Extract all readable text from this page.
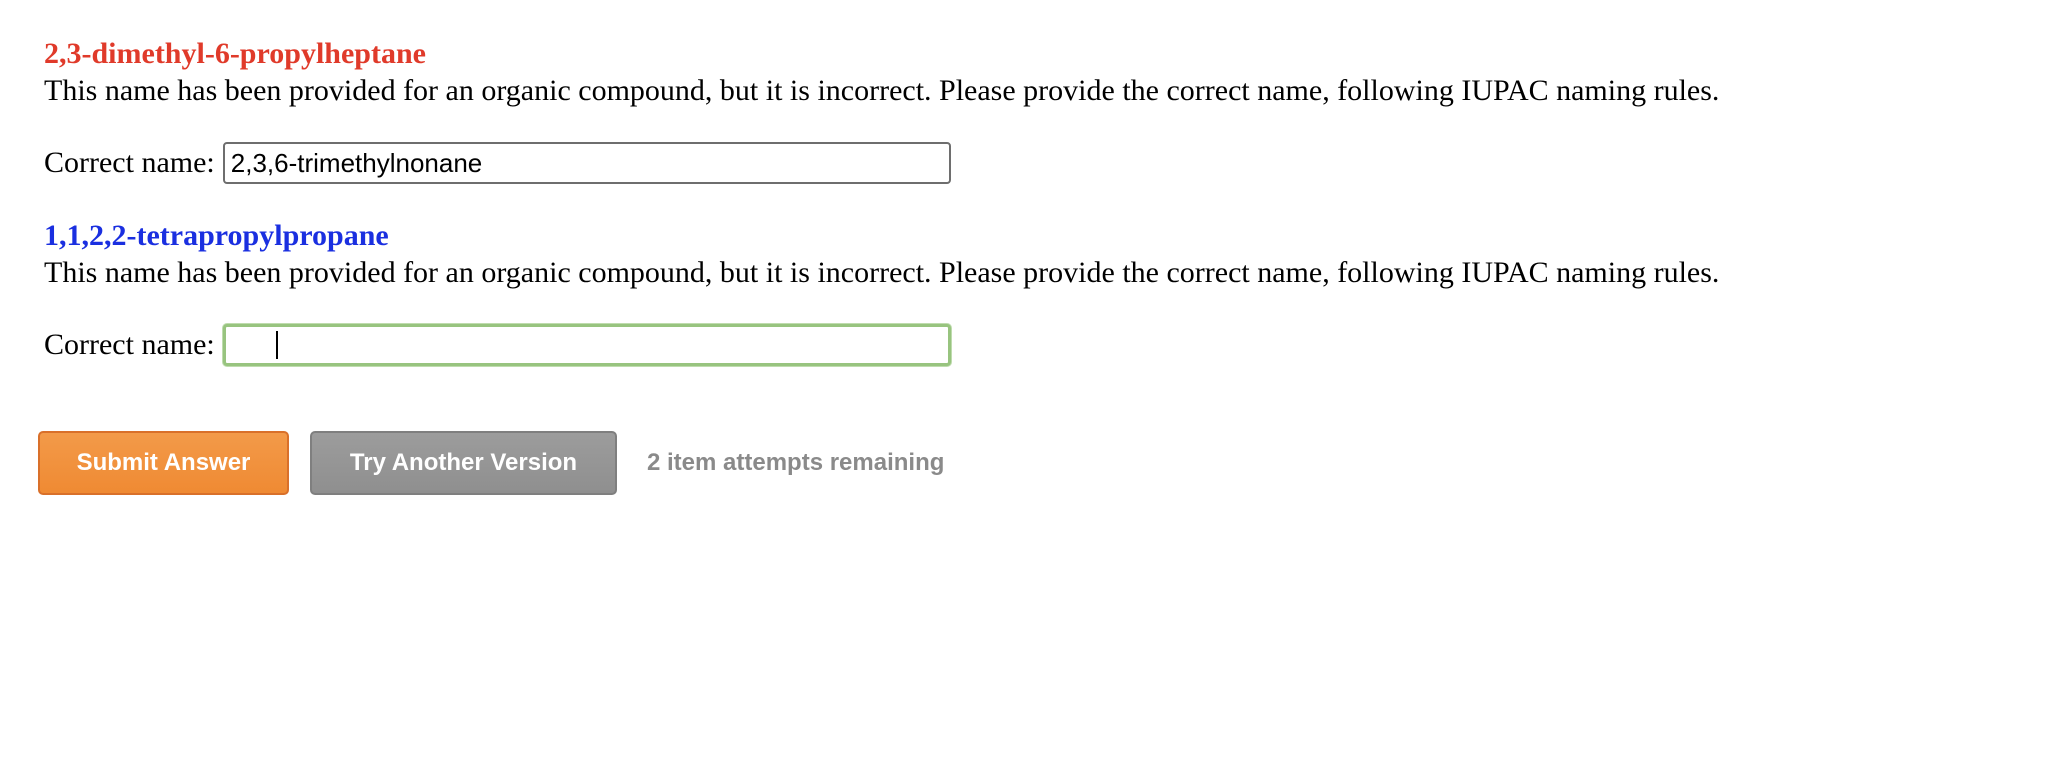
2,3-dimethyl-6-propylheptane

This name has been provided for an organic compound, but it is incorrect. Please provide the correct name, following IUPAC naming rules.

Correct name:
2,3,6-trimethylnonane
1,1,2,2-tetrapropylpropane

This name has been provided for an organic compound, but it is incorrect. Please provide the correct name, following IUPAC naming rules.

Correct name:
Submit Answer	Try Another Version	2 item attempts remaining
